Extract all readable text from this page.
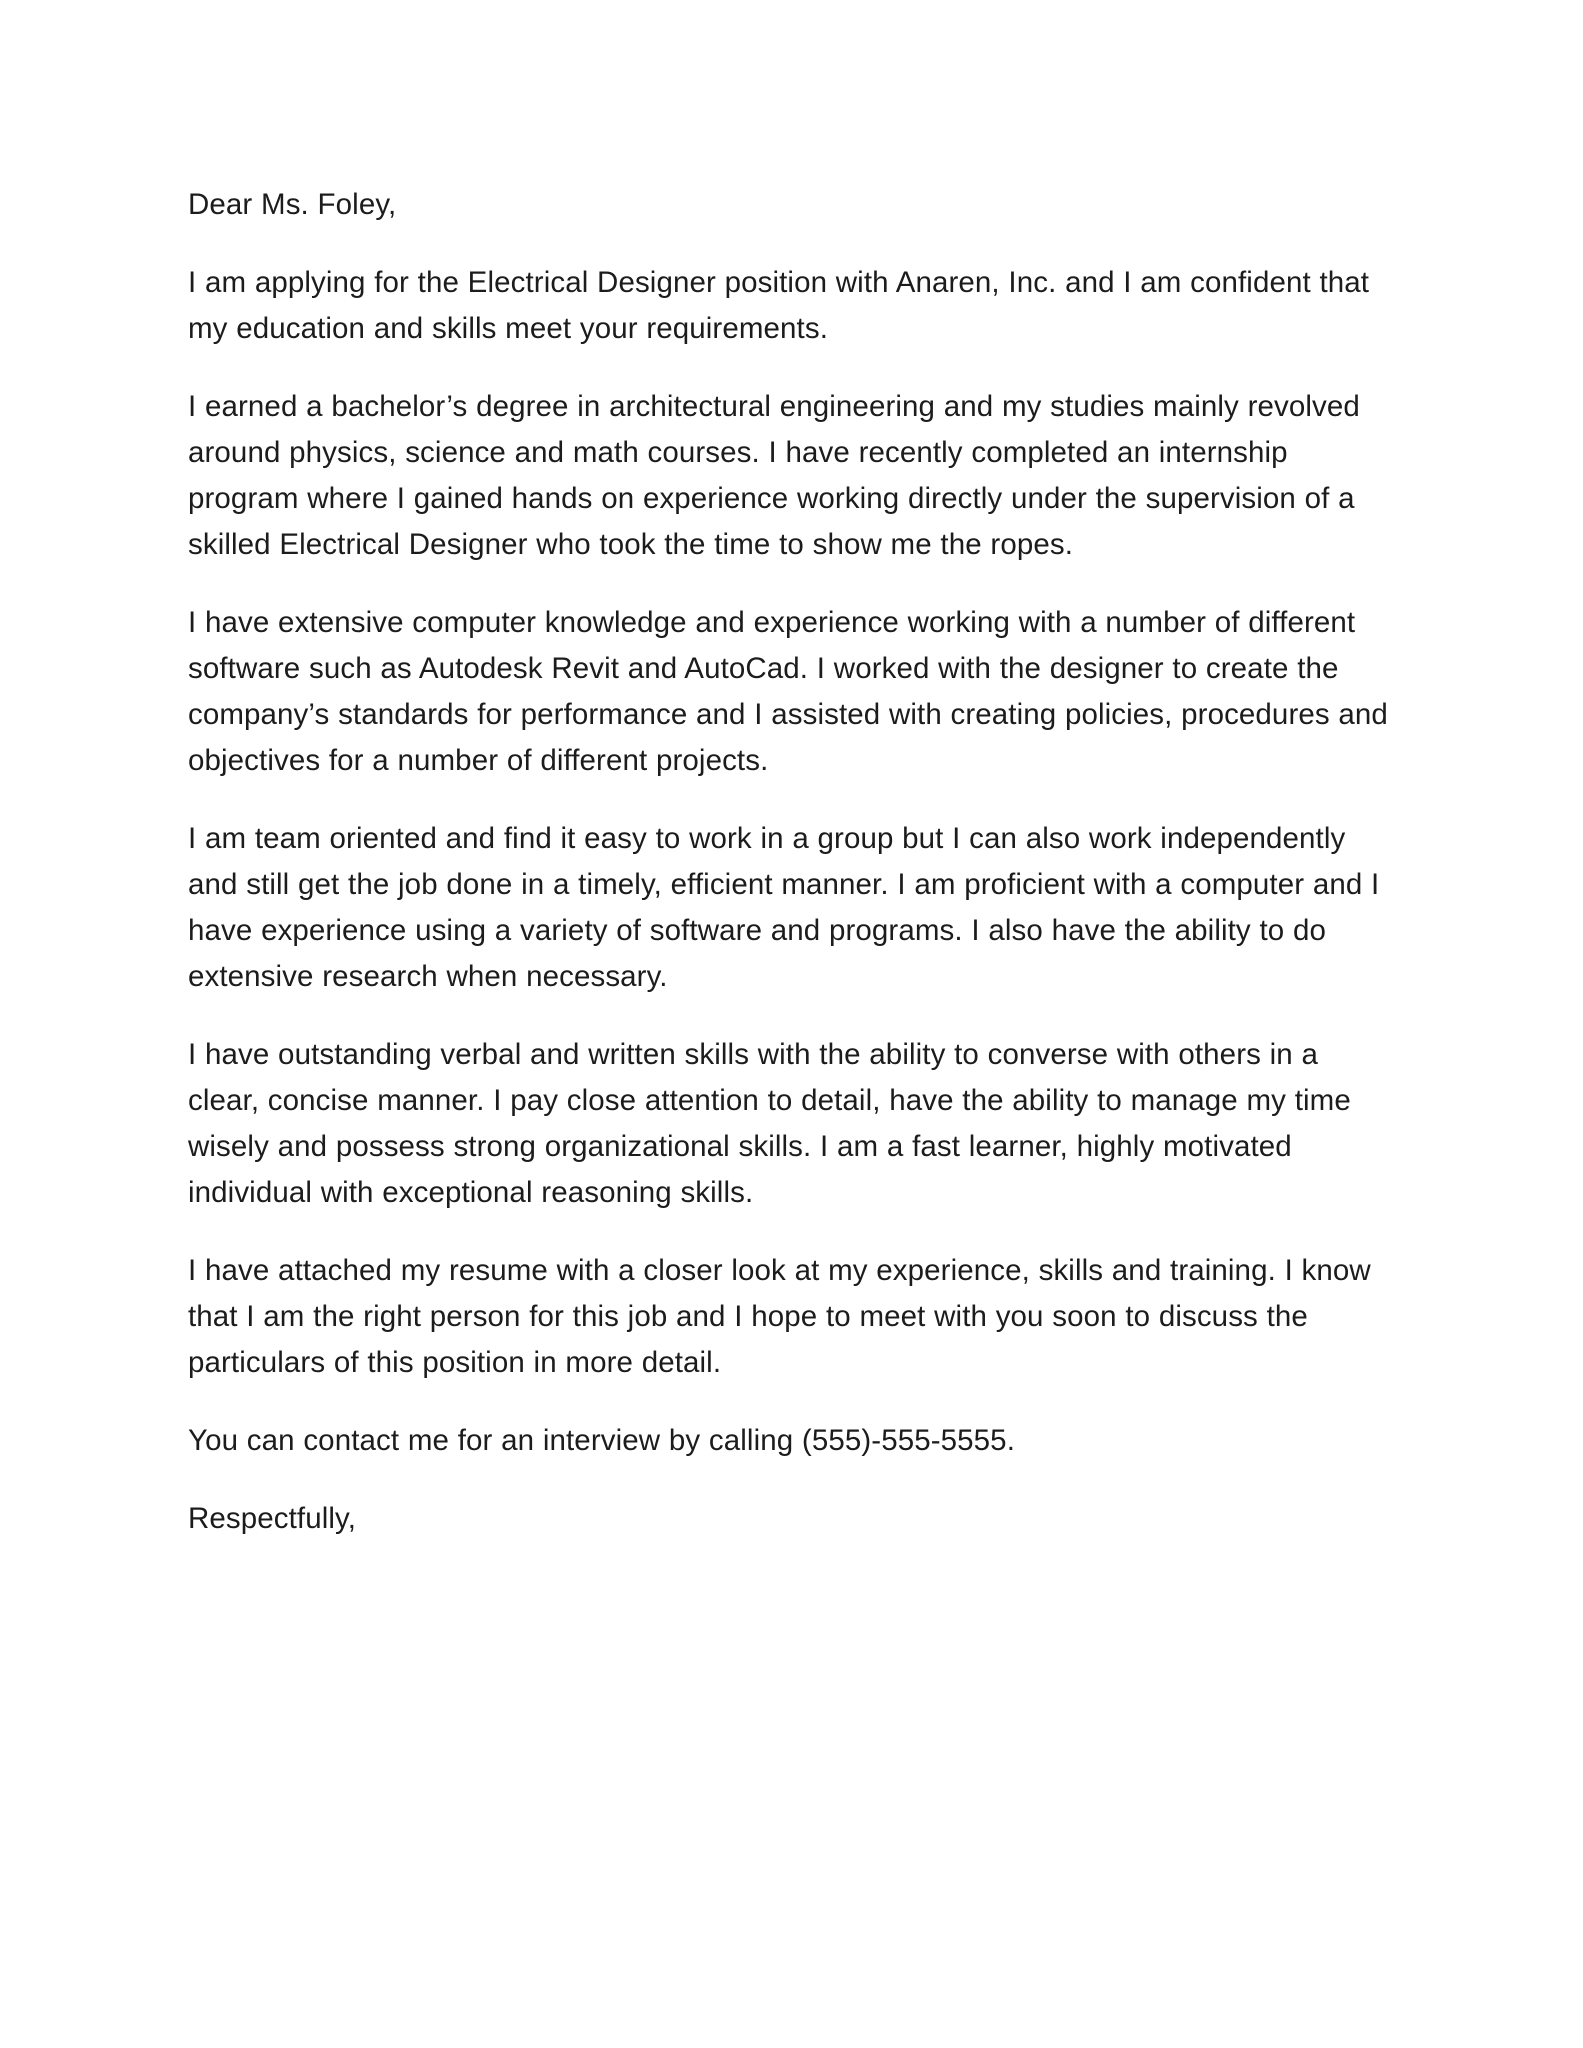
Dear Ms. Foley,

I am applying for the Electrical Designer position with Anaren, Inc. and I am confident that my education and skills meet your requirements.

I earned a bachelor’s degree in architectural engineering and my studies mainly revolved around physics, science and math courses. I have recently completed an internship program where I gained hands on experience working directly under the supervision of a skilled Electrical Designer who took the time to show me the ropes.

I have extensive computer knowledge and experience working with a number of different software such as Autodesk Revit and AutoCad. I worked with the designer to create the company’s standards for performance and I assisted with creating policies, procedures and objectives for a number of different projects.

I am team oriented and find it easy to work in a group but I can also work independently and still get the job done in a timely, efficient manner. I am proficient with a computer and I have experience using a variety of software and programs. I also have the ability to do extensive research when necessary.

I have outstanding verbal and written skills with the ability to converse with others in a clear, concise manner. I pay close attention to detail, have the ability to manage my time wisely and possess strong organizational skills. I am a fast learner, highly motivated individual with exceptional reasoning skills.

I have attached my resume with a closer look at my experience, skills and training. I know that I am the right person for this job and I hope to meet with you soon to discuss the particulars of this position in more detail.

You can contact me for an interview by calling (555)-555-5555.

Respectfully,
